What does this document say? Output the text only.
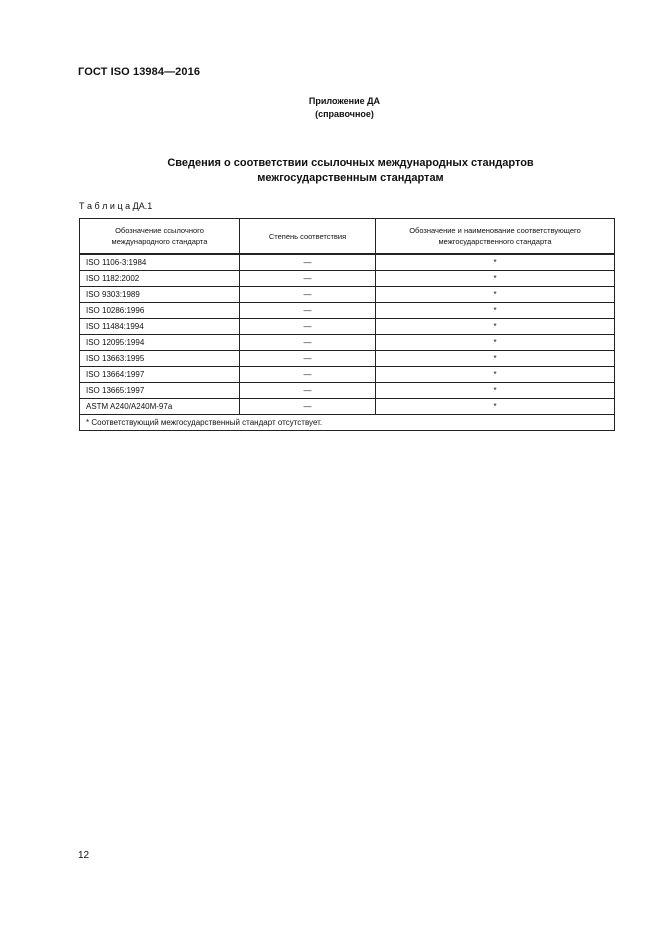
ГОСТ ISO 13984—2016
Приложение ДА
(справочное)
Сведения о соответствии ссылочных международных стандартов
межгосударственным стандартам
Т а б л и ц а ДА.1
Обозначение ссылочного международного стандарта	Степень соответствия	Обозначение и наименование соответствующего межгосударственного стандарта
ISO 1106-3:1984	—	*
ISO 1182:2002	—	*
ISO 9303:1989	—	*
ISO 10286:1996	—	*
ISO 11484:1994	—	*
ISO 12095:1994	—	*
ISO 13663:1995	—	*
ISO 13664:1997	—	*
ISO 13665:1997	—	*
ASTM A240/A240M-97a	—	*
* Соответствующий межгосударственный стандарт отсутствует.		
12
